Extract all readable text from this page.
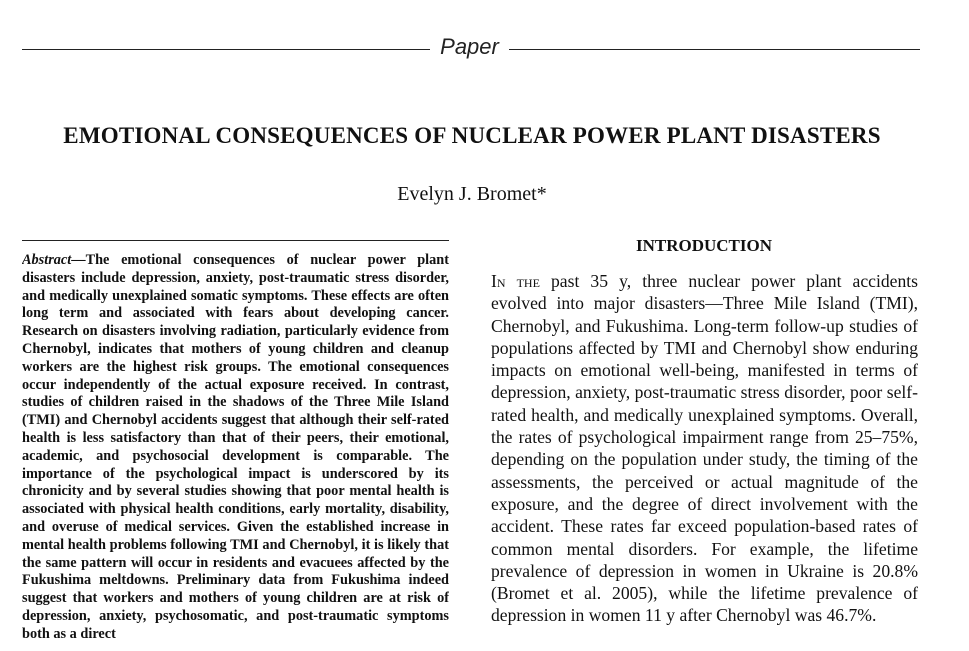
Paper
EMOTIONAL CONSEQUENCES OF NUCLEAR POWER PLANT DISASTERS
Evelyn J. Bromet*
Abstract—The emotional consequences of nuclear power plant disasters include depression, anxiety, post-traumatic stress disorder, and medically unexplained somatic symptoms. These effects are often long term and associated with fears about developing cancer. Research on disasters involving radiation, particularly evidence from Chernobyl, indicates that mothers of young children and cleanup workers are the highest risk groups. The emotional consequences occur independently of the actual exposure received. In contrast, studies of children raised in the shadows of the Three Mile Island (TMI) and Chernobyl accidents suggest that although their self-rated health is less satisfactory than that of their peers, their emotional, academic, and psychosocial development is comparable. The importance of the psychological impact is underscored by its chronicity and by several studies showing that poor mental health is associated with physical health conditions, early mortality, disability, and overuse of medical services. Given the established increase in mental health problems following TMI and Chernobyl, it is likely that the same pattern will occur in residents and evacuees affected by the Fukushima meltdowns. Preliminary data from Fukushima indeed suggest that workers and mothers of young children are at risk of depression, anxiety, psychosomatic, and post-traumatic symptoms both as a direct
INTRODUCTION
In the past 35 y, three nuclear power plant accidents evolved into major disasters—Three Mile Island (TMI), Chernobyl, and Fukushima. Long-term follow-up studies of populations affected by TMI and Chernobyl show enduring impacts on emotional well-being, manifested in terms of depression, anxiety, post-traumatic stress disorder, poor self-rated health, and medically unexplained symptoms. Overall, the rates of psychological impairment range from 25–75%, depending on the population under study, the timing of the assessments, the perceived or actual magnitude of the exposure, and the degree of direct involvement with the accident. These rates far exceed population-based rates of common mental disorders. For example, the lifetime prevalence of depression in women in Ukraine is 20.8% (Bromet et al. 2005), while the lifetime prevalence of depression in women 11 y after Chernobyl was 46.7%.
